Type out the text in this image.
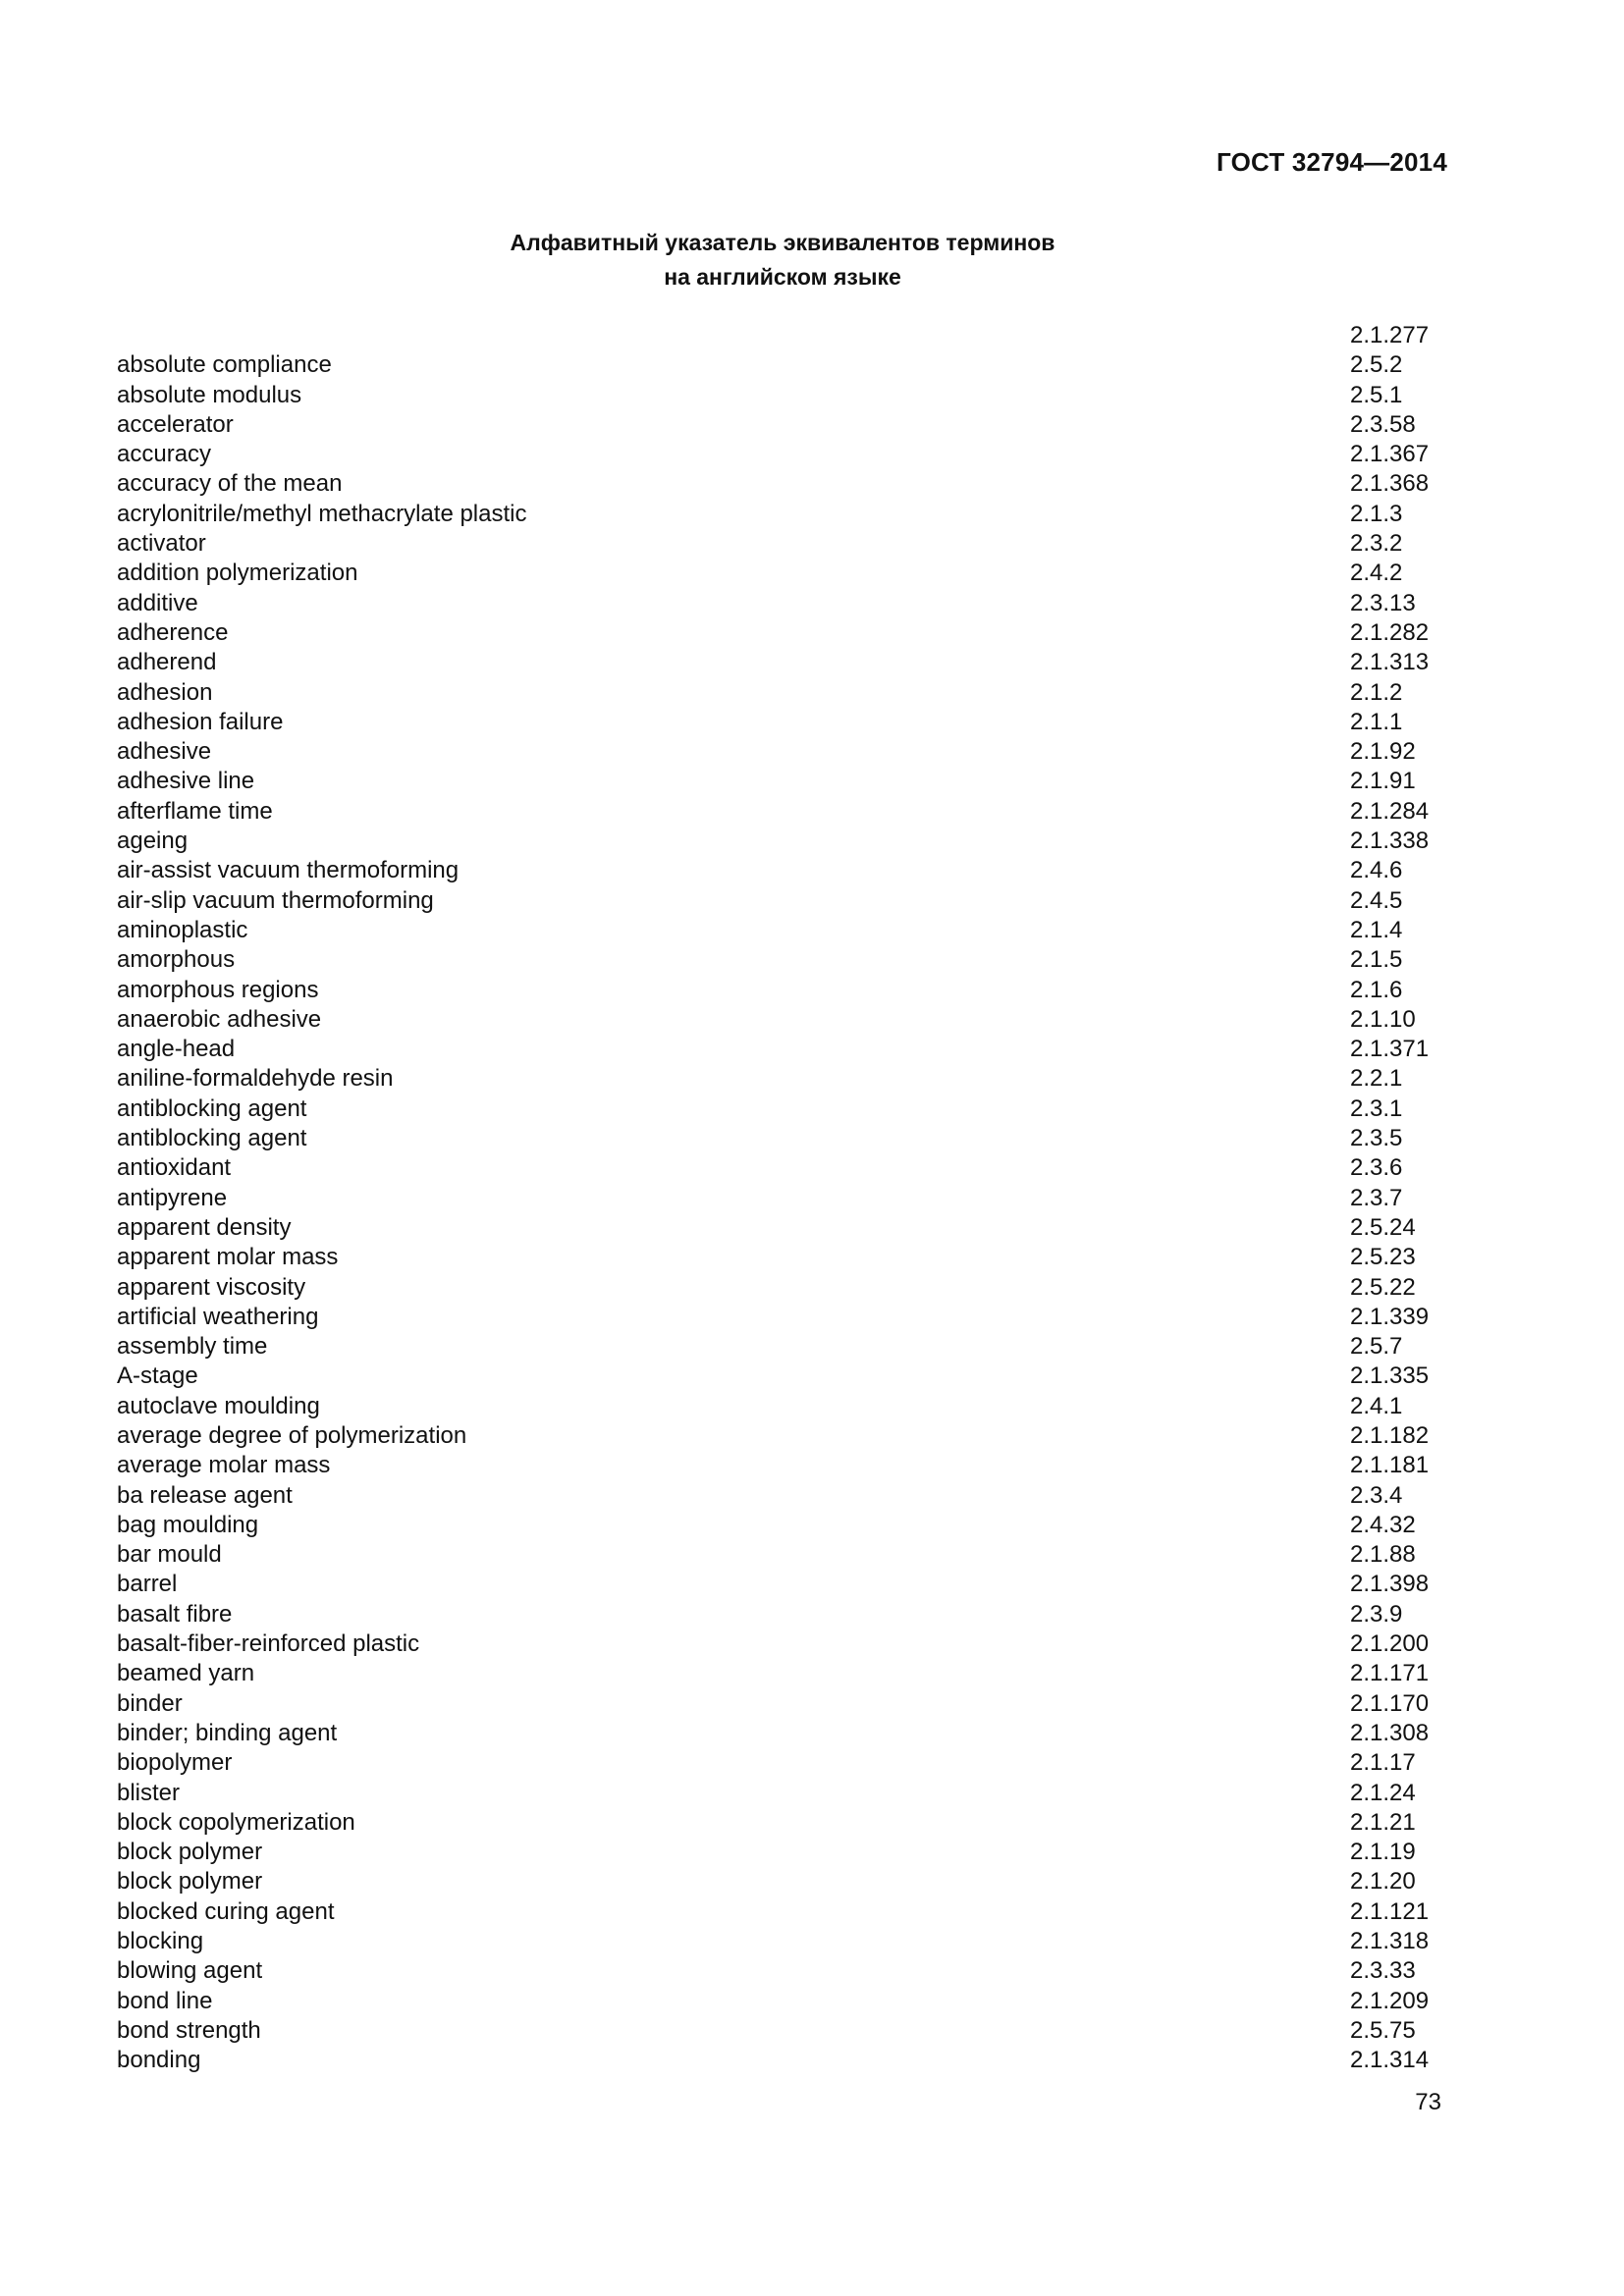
ГОСТ 32794—2014
Алфавитный указатель эквивалентов терминов
на английском языке
2.1.277
absolute compliance	2.5.2
absolute modulus	2.5.1
accelerator	2.3.58
accuracy	2.1.367
accuracy of the mean	2.1.368
acrylonitrile/methyl methacrylate plastic	2.1.3
activator	2.3.2
addition polymerization	2.4.2
additive	2.3.13
adherence	2.1.282
adherend	2.1.313
adhesion	2.1.2
adhesion failure	2.1.1
adhesive	2.1.92
adhesive line	2.1.91
afterflame time	2.1.284
ageing	2.1.338
air-assist vacuum thermoforming	2.4.6
air-slip vacuum thermoforming	2.4.5
aminoplastic	2.1.4
amorphous	2.1.5
amorphous regions	2.1.6
anaerobic adhesive	2.1.10
angle-head	2.1.371
aniline-formaldehyde resin	2.2.1
antiblocking agent	2.3.1
antiblocking agent	2.3.5
antioxidant	2.3.6
antipyrene	2.3.7
apparent density	2.5.24
apparent molar mass	2.5.23
apparent viscosity	2.5.22
artificial weathering	2.1.339
assembly time	2.5.7
A-stage	2.1.335
autoclave moulding	2.4.1
average degree of polymerization	2.1.182
average molar mass	2.1.181
ba release agent	2.3.4
bag moulding	2.4.32
bar mould	2.1.88
barrel	2.1.398
basalt fibre	2.3.9
basalt-fiber-reinforced plastic	2.1.200
beamed yarn	2.1.171
binder	2.1.170
binder; binding agent	2.1.308
biopolymer	2.1.17
blister	2.1.24
block copolymerization	2.1.21
block polymer	2.1.19
block polymer	2.1.20
blocked curing agent	2.1.121
blocking	2.1.318
blowing agent	2.3.33
bond line	2.1.209
bond strength	2.5.75
bonding	2.1.314
73
